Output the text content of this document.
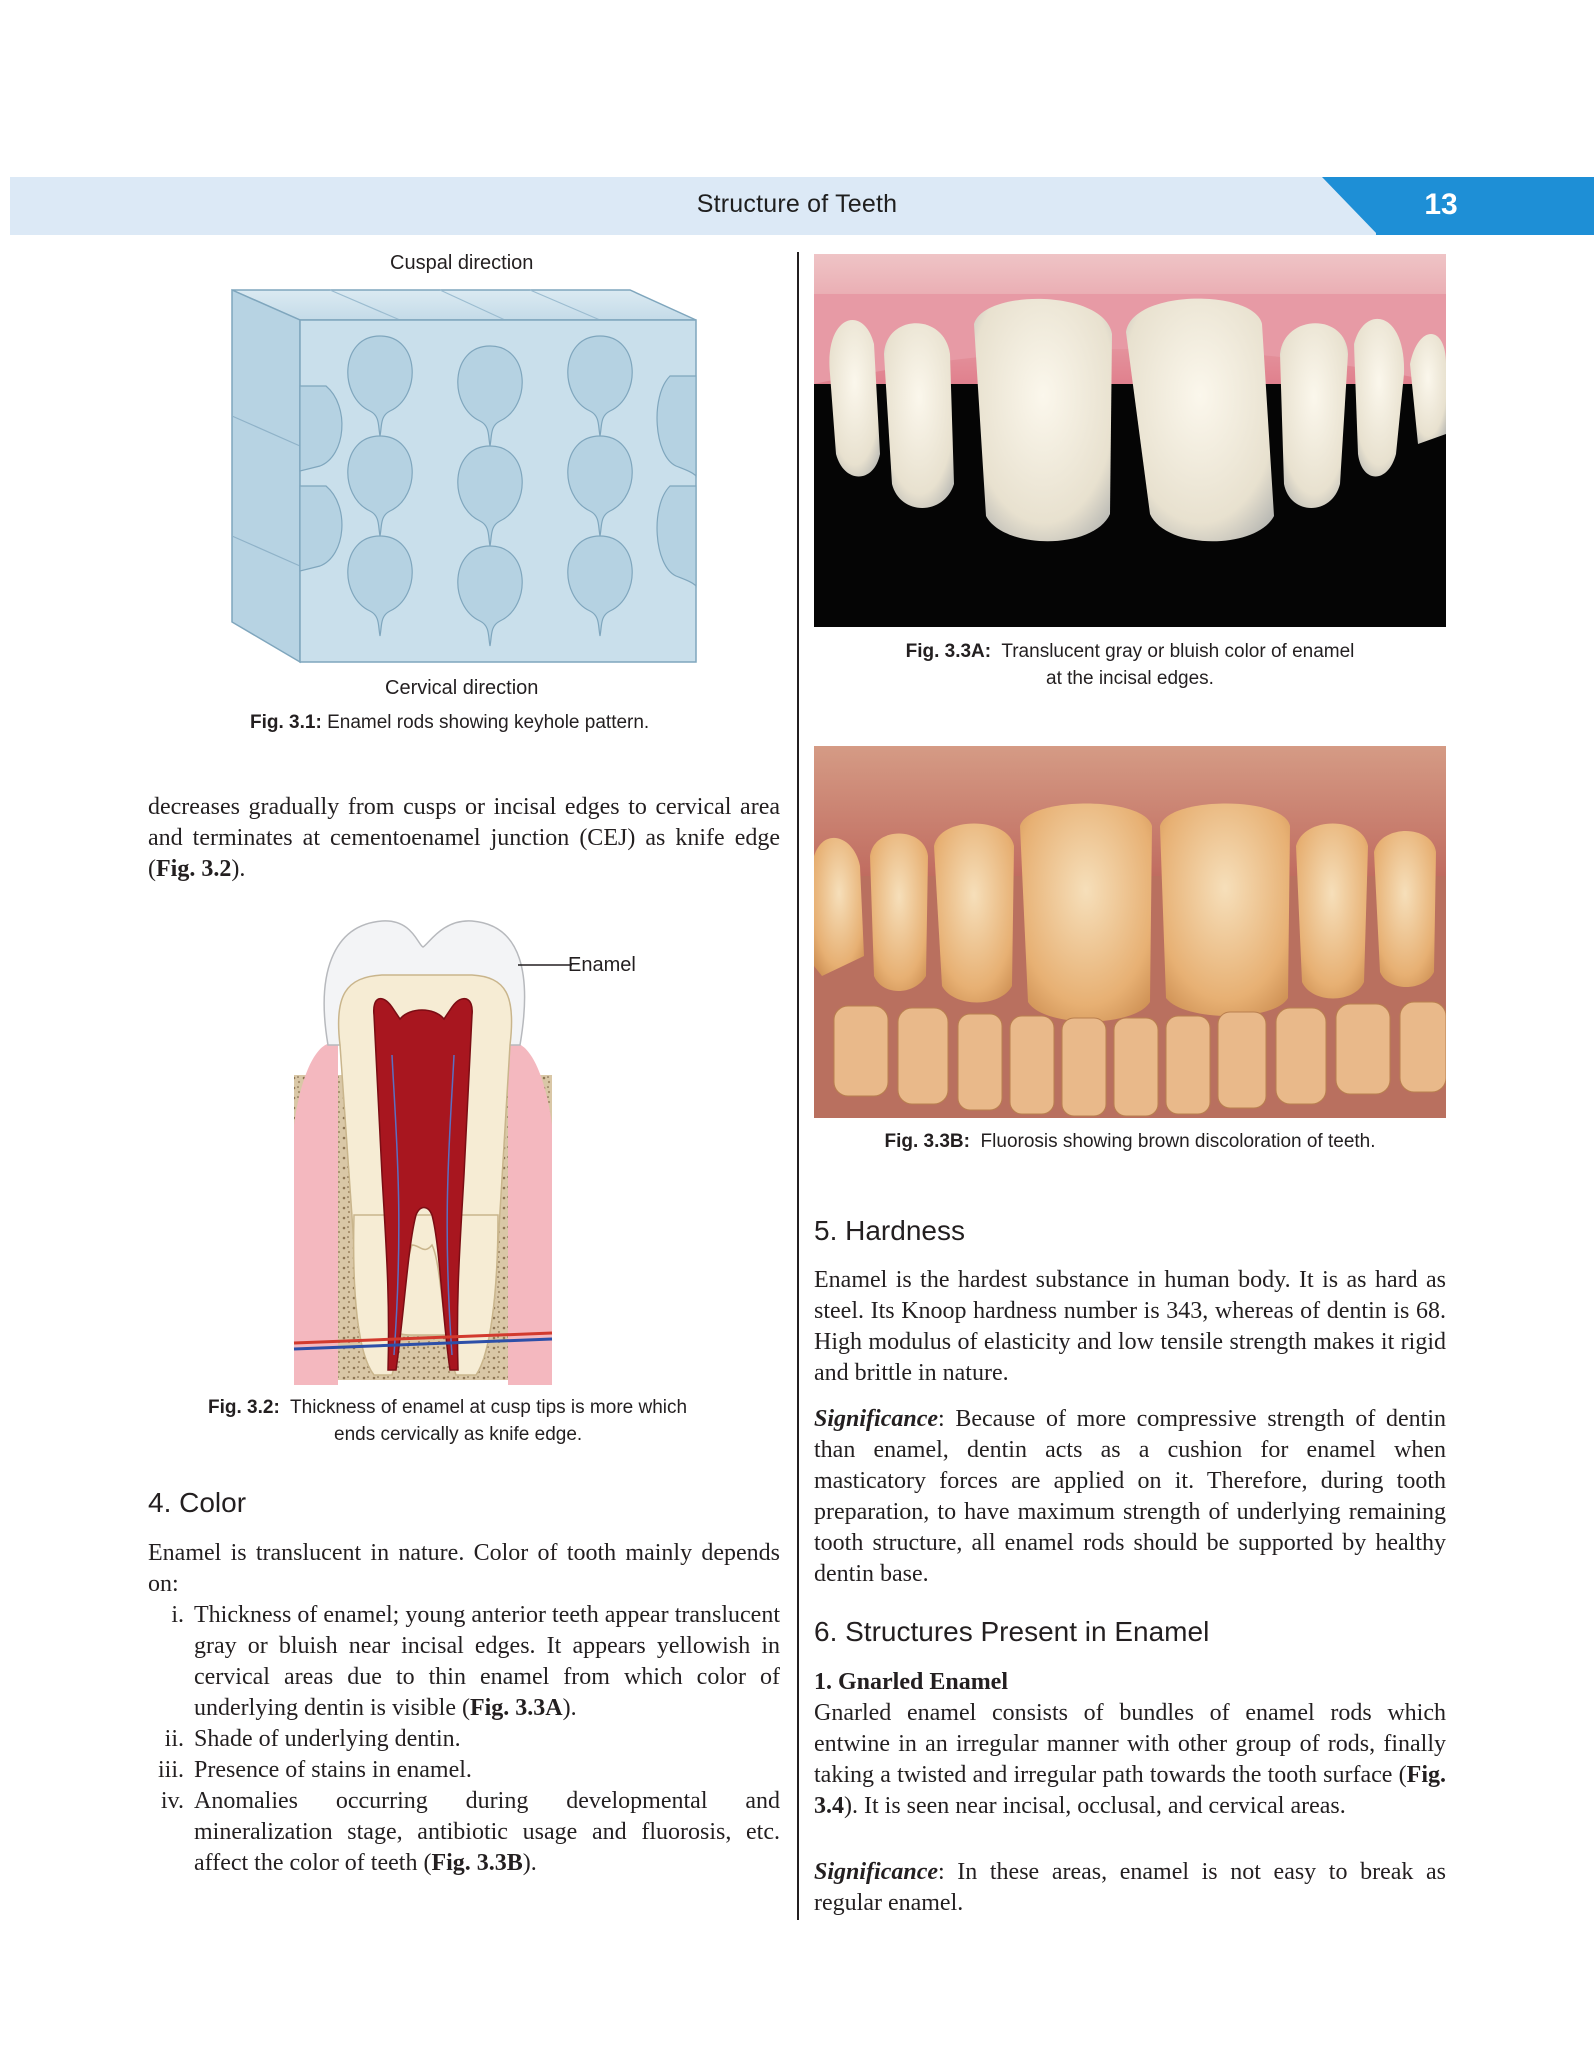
Structure of Teeth	13
Cuspal direction
Cervical direction
Fig. 3.1: Enamel rods showing keyhole pattern.
decreases gradually from cusps or incisal edges to cervical area and terminates at cementoenamel junction (CEJ) as knife edge (Fig. 3.2).
Enamel
Fig. 3.2: Thickness of enamel at cusp tips is more which
ends cervically as knife edge.
4. Color
Enamel is translucent in nature. Color of tooth mainly depends on:
i. Thickness of enamel; young anterior teeth appear translucent gray or bluish near incisal edges. It appears yellowish in cervical areas due to thin enamel from which color of underlying dentin is visible (Fig. 3.3A).
ii. Shade of underlying dentin.
iii. Presence of stains in enamel.
iv. Anomalies occurring during developmental and mineralization stage, antibiotic usage and fluorosis, etc. affect the color of teeth (Fig. 3.3B).
Fig. 3.3A: Translucent gray or bluish color of enamel
at the incisal edges.
Fig. 3.3B: Fluorosis showing brown discoloration of teeth.
5. Hardness
Enamel is the hardest substance in human body. It is as hard as steel. Its Knoop hardness number is 343, whereas of dentin is 68. High modulus of elasticity and low tensile strength makes it rigid and brittle in nature.
Significance: Because of more compressive strength of dentin than enamel, dentin acts as a cushion for enamel when masticatory forces are applied on it. Therefore, during tooth preparation, to have maximum strength of underlying remaining tooth structure, all enamel rods should be supported by healthy dentin base.
6. Structures Present in Enamel
1. Gnarled Enamel
Gnarled enamel consists of bundles of enamel rods which entwine in an irregular manner with other group of rods, finally taking a twisted and irregular path towards the tooth surface (Fig. 3.4). It is seen near incisal, occlusal, and cervical areas.
Significance: In these areas, enamel is not easy to break as regular enamel.
